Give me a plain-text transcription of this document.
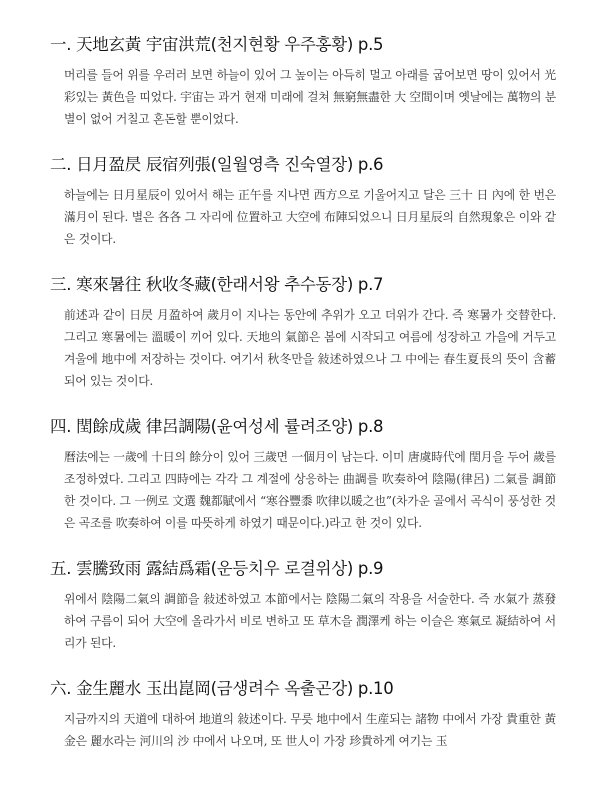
一. 天地玄黃 宇宙洪荒(천지현황 우주홍황) p.5

머리를 들어 위를 우러러 보면 하늘이 있어 그 높이는 아득히 멀고 아래를 굽어보면 땅이 있어서 光彩있는 黃色을 띠었다. 宇宙는 과거 현재 미래에 걸쳐 無窮無盡한 大 空間이며 옛날에는 萬物의 분별이 없어 거칠고 혼돈할 뿐이었다.

二. 日月盈昃 辰宿列張(일월영측 진숙열장) p.6

하늘에는 日月星辰이 있어서 해는 正午를 지나면 西方으로 기울어지고 달은 三十 日 內에 한 번은 滿月이 된다. 별은 各各 그 자리에 位置하고 大空에 布陣되었으니 日月星辰의 自然現象은 이와 같은 것이다.

三. 寒來暑往 秋收冬藏(한래서왕 추수동장) p.7

前述과 같이 日昃 月盈하여 歲月이 지나는 동안에 추위가 오고 더위가 간다. 즉 寒暑가 交替한다. 그리고 寒暑에는 溫暖이 끼어 있다. 天地의 氣節은 봄에 시작되고 여름에 성장하고 가을에 거두고 겨울에 地中에 저장하는 것이다. 여기서 秋冬만을 敍述하였으나 그 中에는 春生夏長의 뜻이 含蓄되어 있는 것이다.

四. 閏餘成歲 律呂調陽(윤여성세 률려조양) p.8

曆法에는 一歲에 十日의 餘分이 있어 三歲면 一個月이 남는다. 이미 唐虞時代에 閏月을 두어 歲를 조정하였다. 그리고 四時에는 각각 그 계절에 상응하는 曲調를 吹奏하여 陰陽(律呂) 二氣를 調節한 것이다. 그 一例로 文選 魏都賦에서 “寒谷豐黍 吹律以暖之也”(차가운 골에서 곡식이 풍성한 것은 곡조를 吹奏하여 이를 따뜻하게 하였기 때문이다.)라고 한 것이 있다.

五. 雲騰致雨 露結爲霜(운등치우 로결위상) p.9

위에서 陰陽二氣의 調節을 敍述하였고 本節에서는 陰陽二氣의 작용을 서술한다. 즉 水氣가 蒸發하여 구름이 되어 大空에 올라가서 비로 변하고 또 草木을 潤澤케 하는 이슬은 寒氣로 凝結하여 서리가 된다.

六. 金生麗水 玉出崑岡(금생려수 옥출곤강) p.10

지금까지의 天道에 대하여 地道의 敍述이다. 무릇 地中에서 生産되는 諸物 中에서 가장 貴重한 黃金은 麗水라는 河川의 沙 中에서 나오며, 또 世人이 가장 珍貴하게 여기는 玉
